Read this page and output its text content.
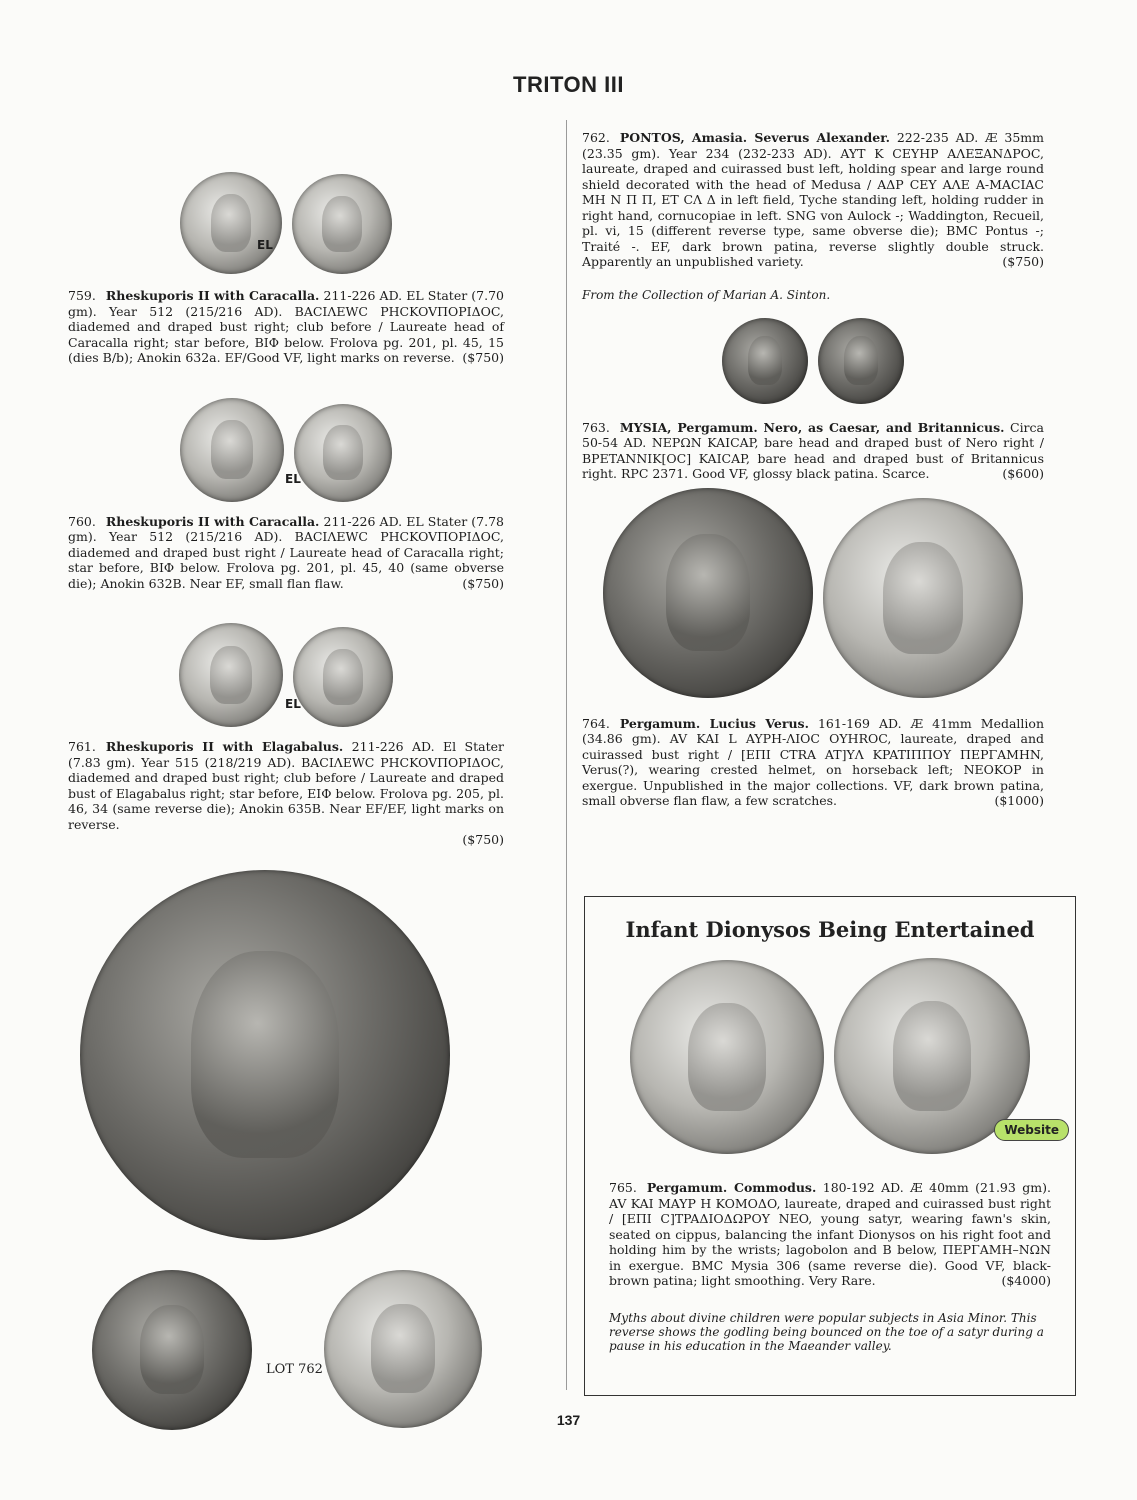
TRITON III
EL

759. Rheskuporis II with Caracalla. 211-226 AD. EL Stater (7.70 gm). Year 512 (215/216 AD). BACIΛEWC PHCKOVΠOPIΔOC, diademed and draped bust right; club before / Laureate head of Caracalla right; star before, BIΦ below. Frolova pg. 201, pl. 45, 15 (dies B/b); Anokin 632a. EF/Good VF, light marks on reverse. ($750)

EL

760. Rheskuporis II with Caracalla. 211-226 AD. EL Stater (7.78 gm). Year 512 (215/216 AD). BACIΛEWC PHCKOVΠOPIΔOC, diademed and draped bust right / Laureate head of Caracalla right; star before, BIΦ below. Frolova pg. 201, pl. 45, 40 (same obverse die); Anokin 632B. Near EF, small flan flaw.	($750)

EL

761. Rheskuporis II with Elagabalus. 211-226 AD. El Stater (7.83 gm). Year 515 (218/219 AD). BACIΛEWC PHCKOVΠOPIΔOC, diademed and draped bust right; club before / Laureate and draped bust of Elagabalus right; star before, EIΦ below. Frolova pg. 205, pl. 46, 34 (same reverse die); Anokin 635B. Near EF/EF, light marks on reverse.
($750)

LOT 762

762. PONTOS, Amasia. Severus Alexander. 222-235 AD. Æ 35mm (23.35 gm). Year 234 (232-233 AD). AYT K CEYHP AΛEΞANΔPOC, laureate, draped and cuirassed bust left, holding spear and large round shield decorated with the head of Medusa / AΔP CEY AΛE A-MACIAC MH N Π Π, ET CΛ Δ in left field, Tyche standing left, holding rudder in right hand, cornucopiae in left. SNG von Aulock -; Waddington, Recueil, pl. vi, 15 (different reverse type, same obverse die); BMC Pontus -; Traité -. EF, dark brown patina, reverse slightly double struck. Apparently an unpublished variety.	($750)

From the Collection of Marian A. Sinton.

763. MYSIA, Pergamum. Nero, as Caesar, and Britannicus. Circa 50-54 AD. NEPΩN KAICAP, bare head and draped bust of Nero right / BPETANNIK[OC] KAICAP, bare head and draped bust of Britannicus right. RPC 2371. Good VF, glossy black patina. Scarce.	($600)

764. Pergamum. Lucius Verus. 161-169 AD. Æ 41mm Medallion (34.86 gm). AV KAI L AYPH-ΛIOC OYHROC, laureate, draped and cuirassed bust right / [EΠI CTRA AT]YΛ KPATIΠΠOY ΠEPΓAMHN, Verus(?), wearing crested helmet, on horseback left; NEOKOP in exergue. Unpublished in the major collections. VF, dark brown patina, small obverse flan flaw, a few scratches.	($1000)

Infant Dionysos Being Entertained
Website

765. Pergamum. Commodus. 180-192 AD. Æ 40mm (21.93 gm). AV KAI MAYP H KOMOΔO, laureate, draped and cuirassed bust right / [EΠI C]TPAΔIOΔΩPOY NEO, young satyr, wearing fawn's skin, seated on cippus, balancing the infant Dionysos on his right foot and holding him by the wrists; lagobolon and B below, ΠEPΓAMH–NΩN in exergue. BMC Mysia 306 (same reverse die). Good VF, black-brown patina; light smoothing. Very Rare.	($4000)

Myths about divine children were popular subjects in Asia Minor. This reverse shows the godling being bounced on the toe of a satyr during a pause in his education in the Maeander valley.

137
